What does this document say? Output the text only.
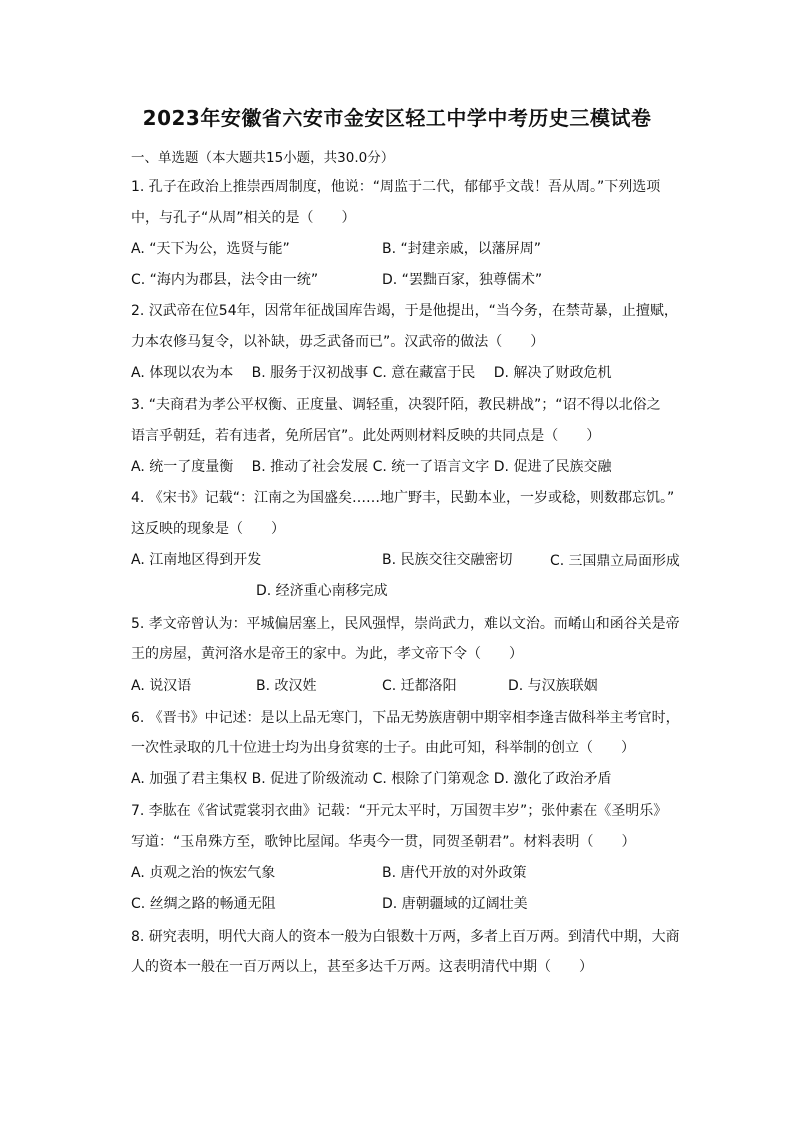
2023年安徽省六安市金安区轻工中学中考历史三模试卷
一、单选题（本大题共15小题，共30.0分）
1. 孔子在政治上推崇西周制度，他说：“周监于二代，郁郁乎文哉！吾从周。”下列选项
中，与孔子“从周”相关的是（　　）
A. “天下为公，选贤与能”	B. “封建亲戚，以藩屏周”
C. “海内为郡县，法令由一统”	D. “罢黜百家，独尊儒术”
2. 汉武帝在位54年，因常年征战国库告竭，于是他提出，“当今务，在禁苛暴，止擅赋，
力本农修马复令，以补缺，毋乏武备而已”。汉武帝的做法（　　）
A. 体现以农为本　 B. 服务于汉初战事 C. 意在藏富于民　 D. 解决了财政危机
3. “夫商君为孝公平权衡、正度量、调轻重，决裂阡陌，教民耕战”；“诏不得以北俗之
语言乎朝廷，若有违者，免所居官”。此处两则材料反映的共同点是（　　）
A. 统一了度量衡　 B. 推动了社会发展 C. 统一了语言文字 D. 促进了民族交融
4. 《宋书》记载“：江南之为国盛矣……地广野丰，民勤本业，一岁或稔，则数郡忘饥。”
这反映的现象是（　　）
A. 江南地区得到开发	B. 民族交往交融密切	C. 三国鼎立局面形成
D. 经济重心南移完成
5. 孝文帝曾认为：平城偏居塞上，民风强悍，崇尚武力，难以文治。而崤山和函谷关是帝
王的房屋，黄河洛水是帝王的家中。为此，孝文帝下令（　　）
A. 说汉语	B. 改汉姓	C. 迁都洛阳	D. 与汉族联姻
6. 《晋书》中记述：是以上品无寒门，下品无势族唐朝中期宰相李逢吉做科举主考官时，
一次性录取的几十位进士均为出身贫寒的士子。由此可知，科举制的创立（　　）
A. 加强了君主集权 B. 促进了阶级流动 C. 根除了门第观念 D. 激化了政治矛盾
7. 李肱在《省试霓裳羽衣曲》记载：“开元太平时，万国贺丰岁”；张仲素在《圣明乐》
写道：“玉帛殊方至，歌钟比屋闻。华夷今一贯，同贺圣朝君”。材料表明（　　）
A. 贞观之治的恢宏气象	B. 唐代开放的对外政策
C. 丝绸之路的畅通无阻	D. 唐朝疆域的辽阔壮美
8. 研究表明，明代大商人的资本一般为白银数十万两，多者上百万两。到清代中期，大商
人的资本一般在一百万两以上，甚至多达千万两。这表明清代中期（　　）
